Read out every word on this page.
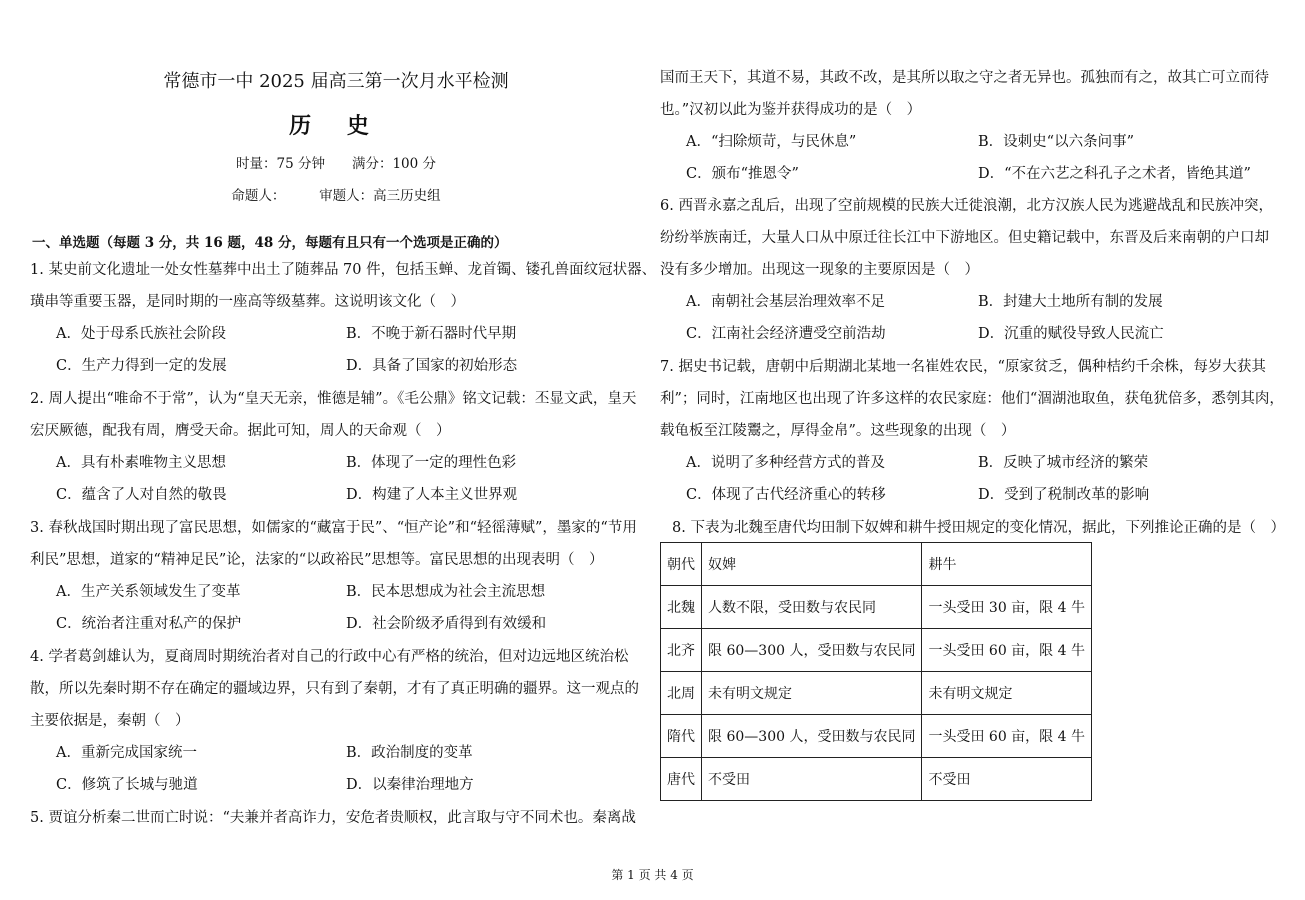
常德市一中 2025 届高三第一次月水平检测
历 史
时量：75 分钟　　满分：100 分
命题人：　　　审题人：高三历史组
一、单选题（每题 3 分，共 16 题，48 分，每题有且只有一个选项是正确的）
1. 某史前文化遗址一处女性墓葬中出土了随葬品 70 件，包括玉蝉、龙首镯、镂孔兽面纹冠状器、
璜串等重要玉器，是同时期的一座高等级墓葬。这说明该文化（　）
A．处于母系氏族社会阶段	B．不晚于新石器时代早期
C．生产力得到一定的发展	D．具备了国家的初始形态
2. 周人提出“唯命不于常”，认为“皇天无亲，惟德是辅”。《毛公鼎》铭文记载：丕显文武，皇天
宏厌厥德，配我有周，膺受天命。据此可知，周人的天命观（　）
A．具有朴素唯物主义思想	B．体现了一定的理性色彩
C．蕴含了人对自然的敬畏	D．构建了人本主义世界观
3. 春秋战国时期出现了富民思想，如儒家的“藏富于民”、“恒产论”和“轻徭薄赋”，墨家的“节用
利民”思想，道家的“精神足民”论，法家的“以政裕民”思想等。富民思想的出现表明（　）
A．生产关系领域发生了变革	B．民本思想成为社会主流思想
C．统治者注重对私产的保护	D．社会阶级矛盾得到有效缓和
4. 学者葛剑雄认为，夏商周时期统治者对自己的行政中心有严格的统治，但对边远地区统治松
散，所以先秦时期不存在确定的疆域边界，只有到了秦朝，才有了真正明确的疆界。这一观点的
主要依据是，秦朝（　）
A．重新完成国家统一	B．政治制度的变革
C．修筑了长城与驰道	D．以秦律治理地方
5. 贾谊分析秦二世而亡时说：“夫兼并者高诈力，安危者贵顺权，此言取与守不同术也。秦离战
国而王天下，其道不易，其政不改，是其所以取之守之者无异也。孤独而有之，故其亡可立而待
也。”汉初以此为鉴并获得成功的是（　）
A．“扫除烦苛，与民休息”	B．设刺史“以六条问事”
C．颁布“推恩令”	D．“不在六艺之科孔子之术者，皆绝其道”
6. 西晋永嘉之乱后，出现了空前规模的民族大迁徙浪潮，北方汉族人民为逃避战乱和民族冲突，
纷纷举族南迁，大量人口从中原迁往长江中下游地区。但史籍记载中，东晋及后来南朝的户口却
没有多少增加。出现这一现象的主要原因是（　）
A．南朝社会基层治理效率不足	B．封建大土地所有制的发展
C．江南社会经济遭受空前浩劫	D．沉重的赋役导致人民流亡
7. 据史书记载，唐朝中后期湖北某地一名崔姓农民，“原家贫乏，偶种桔约千余株，每岁大获其
利”；同时，江南地区也出现了许多这样的农民家庭：他们“涸湖池取鱼，获龟犹倍多，悉刳其肉，
载龟板至江陵鬻之，厚得金帛”。这些现象的出现（　）
A．说明了多种经营方式的普及	B．反映了城市经济的繁荣
C．体现了古代经济重心的转移	D．受到了税制改革的影响
8. 下表为北魏至唐代均田制下奴婢和耕牛授田规定的变化情况，据此，下列推论正确的是（　）
朝代	奴婢	耕牛
北魏	人数不限，受田数与农民同	一头受田 30 亩，限 4 牛
北齐	限 60—300 人，受田数与农民同	一头受田 60 亩，限 4 牛
北周	未有明文规定	未有明文规定
隋代	限 60—300 人，受田数与农民同	一头受田 60 亩，限 4 牛
唐代	不受田	不受田
第 1 页 共 4 页
